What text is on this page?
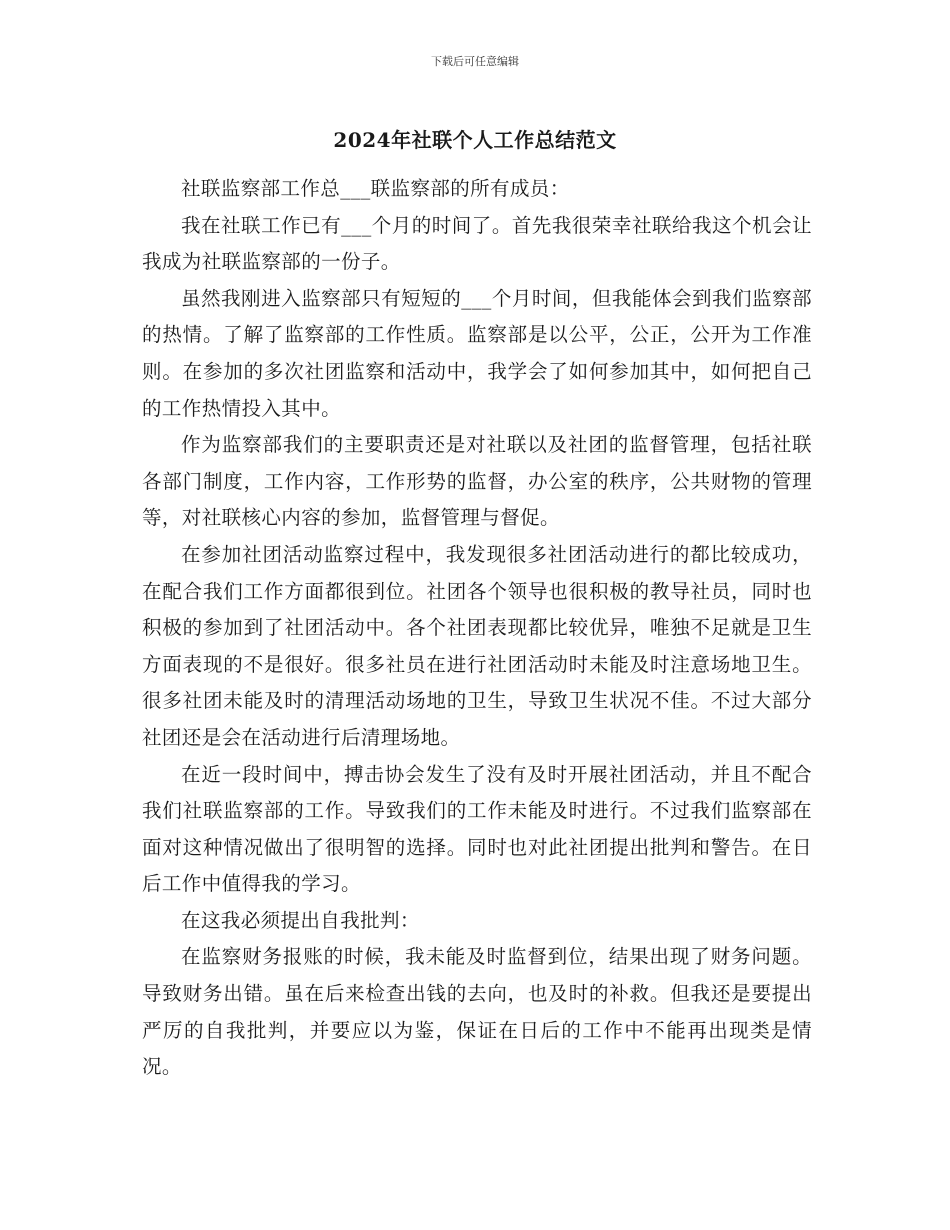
下载后可任意编辑
2024年社联个人工作总结范文

社联监察部工作总___联监察部的所有成员：

我在社联工作已有___个月的时间了。首先我很荣幸社联给我这个机会让我成为社联监察部的一份子。

虽然我刚进入监察部只有短短的___个月时间，但我能体会到我们监察部的热情。了解了监察部的工作性质。监察部是以公平，公正，公开为工作准则。在参加的多次社团监察和活动中，我学会了如何参加其中，如何把自己的工作热情投入其中。

作为监察部我们的主要职责还是对社联以及社团的监督管理，包括社联各部门制度，工作内容，工作形势的监督，办公室的秩序，公共财物的管理等，对社联核心内容的参加，监督管理与督促。

在参加社团活动监察过程中，我发现很多社团活动进行的都比较成功，在配合我们工作方面都很到位。社团各个领导也很积极的教导社员，同时也积极的参加到了社团活动中。各个社团表现都比较优异，唯独不足就是卫生方面表现的不是很好。很多社员在进行社团活动时未能及时注意场地卫生。很多社团未能及时的清理活动场地的卫生，导致卫生状况不佳。不过大部分社团还是会在活动进行后清理场地。

在近一段时间中，搏击协会发生了没有及时开展社团活动，并且不配合我们社联监察部的工作。导致我们的工作未能及时进行。不过我们监察部在面对这种情况做出了很明智的选择。同时也对此社团提出批判和警告。在日后工作中值得我的学习。

在这我必须提出自我批判：

在监察财务报账的时候，我未能及时监督到位，结果出现了财务问题。导致财务出错。虽在后来检查出钱的去向，也及时的补救。但我还是要提出严厉的自我批判，并要应以为鉴，保证在日后的工作中不能再出现类是情况。
